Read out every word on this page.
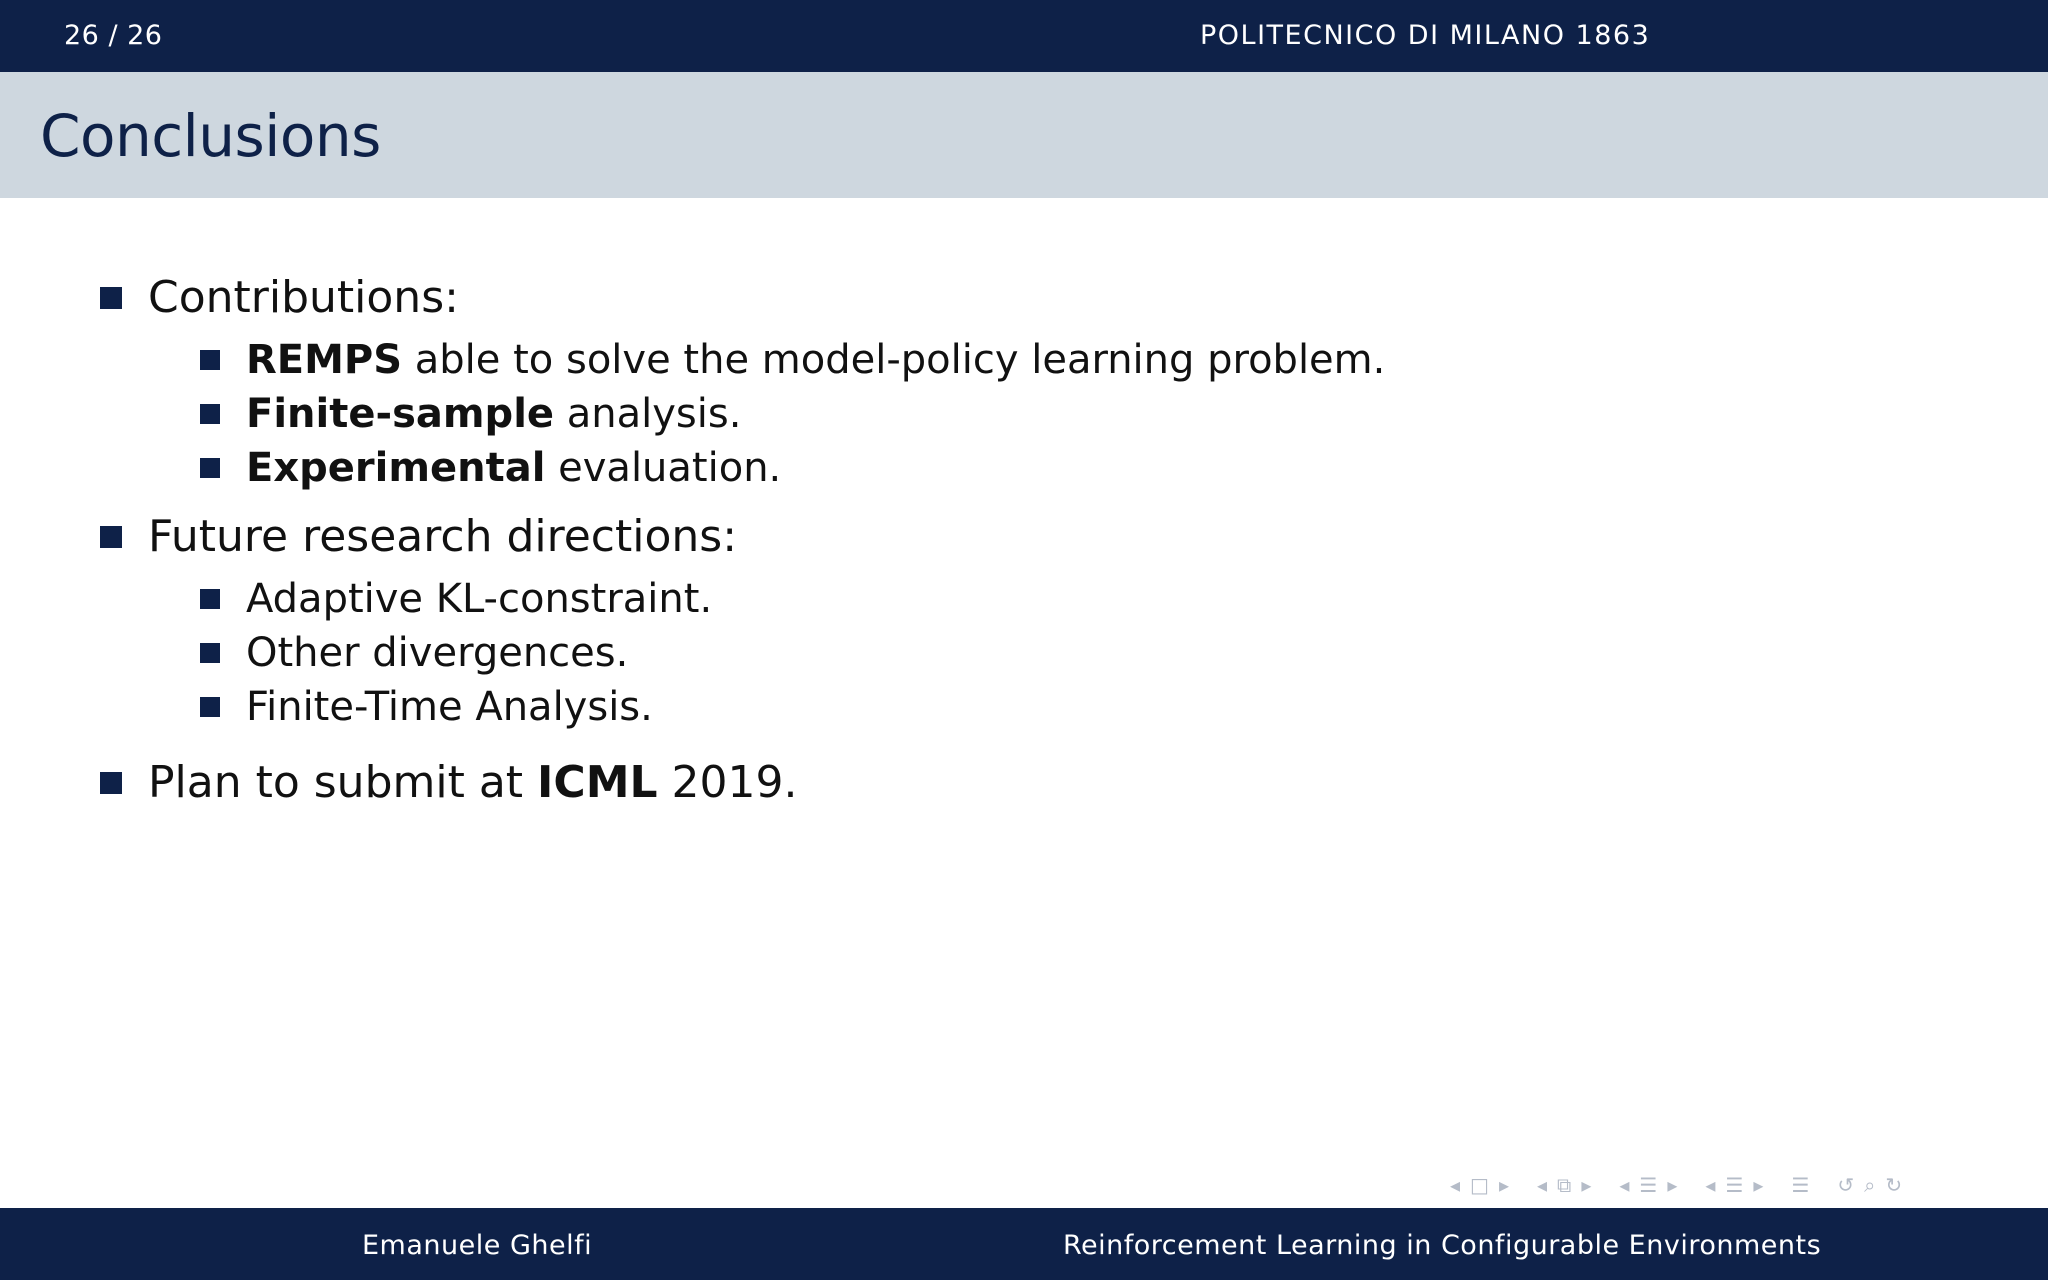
26 / 26	POLITECNICO DI MILANO 1863
Conclusions
Contributions:
REMPS able to solve the model-policy learning problem.
Finite-sample analysis.
Experimental evaluation.
Future research directions:
Adaptive KL-constraint.
Other divergences.
Finite-Time Analysis.
Plan to submit at ICML 2019.
◂ □ ▸ ◂ ⧉ ▸ ◂ ☰ ▸ ◂ ☰ ▸ ☰ ↺ ⌕ ↻
Emanuele Ghelfi	Reinforcement Learning in Configurable Environments
